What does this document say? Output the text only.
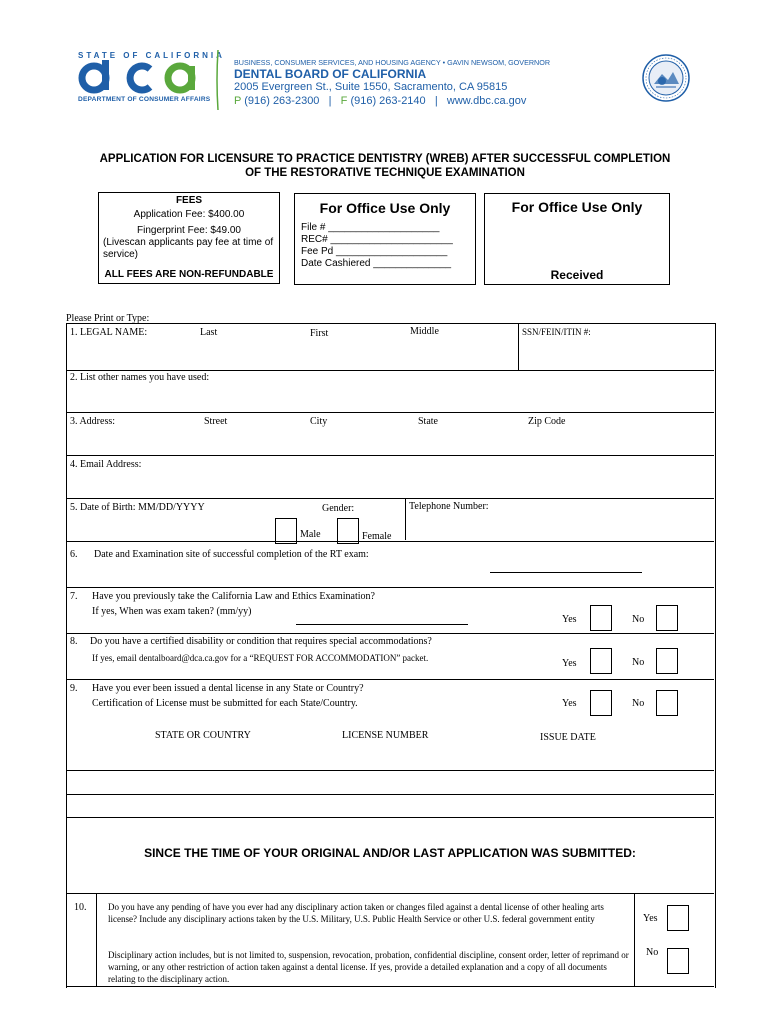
STATE OF CALIFORNIA
DEPARTMENT OF CONSUMER AFFAIRS
BUSINESS, CONSUMER SERVICES, AND HOUSING AGENCY • GAVIN NEWSOM, GOVERNOR
DENTAL BOARD OF CALIFORNIA
2005 Evergreen St., Suite 1550, Sacramento, CA 95815
P (916) 263-2300 | F (916) 263-2140 | www.dbc.ca.gov
APPLICATION FOR LICENSURE TO PRACTICE DENTISTRY (WREB) AFTER SUCCESSFUL COMPLETION
OF THE RESTORATIVE TECHNIQUE EXAMINATION
FEES
Application Fee: $400.00
Fingerprint Fee: $49.00
(Livescan applicants pay fee at time of service)
ALL FEES ARE NON-REFUNDABLE
For Office Use Only
File # ____________________
REC# ______________________
Fee Pd ____________________
Date Cashiered ______________
For Office Use Only
Received
Please Print or Type:
1. LEGAL NAME:	Last	First	Middle	SSN/FEIN/ITIN #:
2. List other names you have used:
3. Address:	Street	City	State	Zip Code
4. Email Address:
5. Date of Birth: MM/DD/YYYY	Gender:	Telephone Number:
Male	Female
6. Date and Examination site of successful completion of the RT exam:
7. Have you previously take the California Law and Ethics Examination?
If yes, When was exam taken? (mm/yy)
Yes	No
8. Do you have a certified disability or condition that requires special accommodations?
If yes, email dentalboard@dca.ca.gov for a “REQUEST FOR ACCOMMODATION” packet.	Yes	No
9. Have you ever been issued a dental license in any State or Country?
Certification of License must be submitted for each State/Country.	Yes	No
STATE OR COUNTRY	LICENSE NUMBER	ISSUE DATE
SINCE THE TIME OF YOUR ORIGINAL AND/OR LAST APPLICATION WAS SUBMITTED:
10. Do you have any pending of have you ever had any disciplinary action taken or changes filed against a dental license of other healing arts license? Include any disciplinary actions taken by the U.S. Military, U.S. Public Health Service or other U.S. federal government entity
Disciplinary action includes, but is not limited to, suspension, revocation, probation, confidential discipline, consent order, letter of reprimand or warning, or any other restriction of action taken against a dental license. If yes, provide a detailed explanation and a copy of all documents relating to the disciplinary action.
Yes
No
